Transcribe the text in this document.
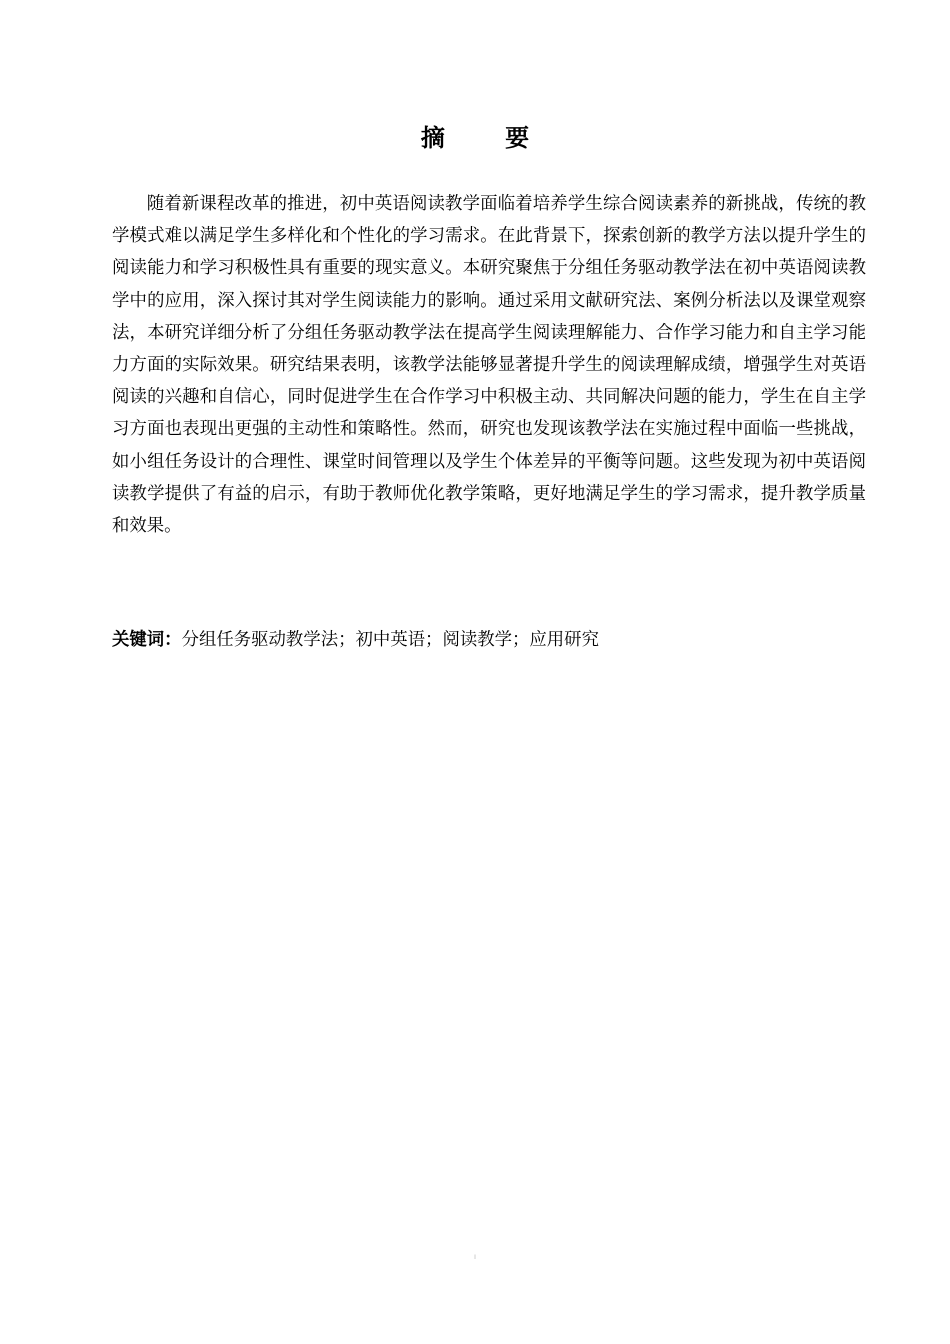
摘 要

随着新课程改革的推进，初中英语阅读教学面临着培养学生综合阅读素养的新挑战，传统的教学模式难以满足学生多样化和个性化的学习需求。在此背景下，探索创新的教学方法以提升学生的阅读能力和学习积极性具有重要的现实意义。本研究聚焦于分组任务驱动教学法在初中英语阅读教学中的应用，深入探讨其对学生阅读能力的影响。通过采用文献研究法、案例分析法以及课堂观察法，本研究详细分析了分组任务驱动教学法在提高学生阅读理解能力、合作学习能力和自主学习能力方面的实际效果。研究结果表明，该教学法能够显著提升学生的阅读理解成绩，增强学生对英语阅读的兴趣和自信心，同时促进学生在合作学习中积极主动、共同解决问题的能力，学生在自主学习方面也表现出更强的主动性和策略性。然而，研究也发现该教学法在实施过程中面临一些挑战，如小组任务设计的合理性、课堂时间管理以及学生个体差异的平衡等问题。这些发现为初中英语阅读教学提供了有益的启示，有助于教师优化教学策略，更好地满足学生的学习需求，提升教学质量和效果。

关键词：分组任务驱动教学法；初中英语；阅读教学；应用研究
I
